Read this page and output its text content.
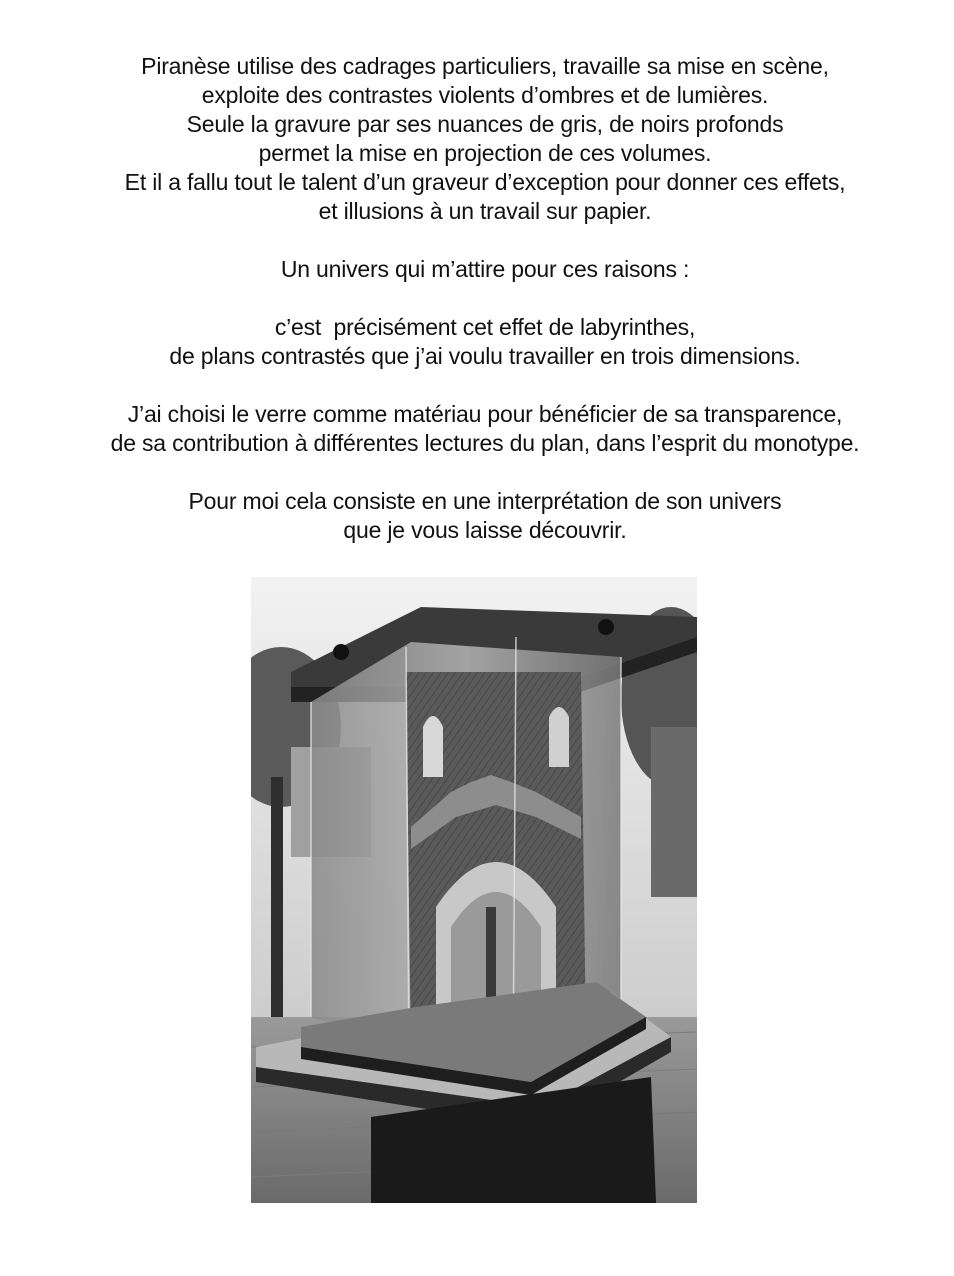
Piranèse utilise des cadrages particuliers, travaille sa mise en scène,
exploite des contrastes violents d’ombres et de lumières.
Seule la gravure par ses nuances de gris, de noirs profonds
permet la mise en projection de ces volumes.
Et il a fallu tout le talent d’un graveur d’exception pour donner ces effets,
et illusions à un travail sur papier.

Un univers qui m’attire pour ces raisons :

c’est  précisément cet effet de labyrinthes,
de plans contrastés que j’ai voulu travailler en trois dimensions.

J’ai choisi le verre comme matériau pour bénéficier de sa transparence,
de sa contribution à différentes lectures du plan, dans l’esprit du monotype.

Pour moi cela consiste en une interprétation de son univers
que je vous laisse découvrir.
